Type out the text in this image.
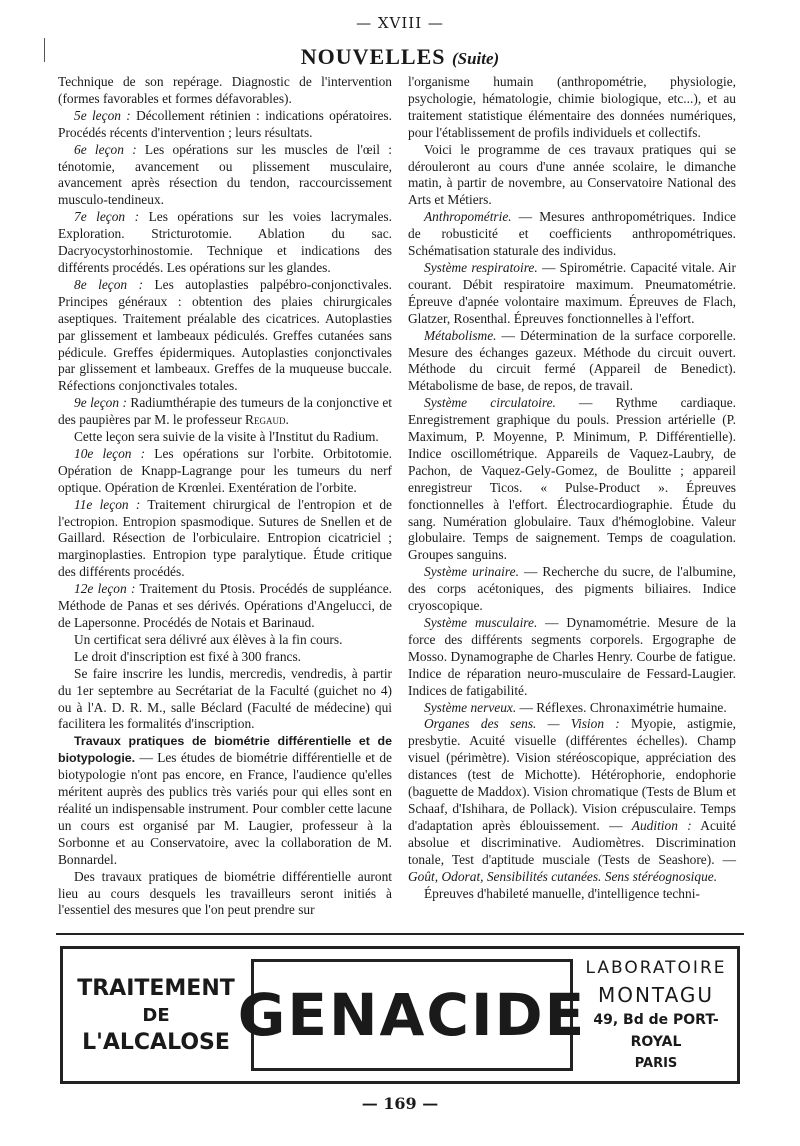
— XVIII —
NOUVELLES (Suite)

Technique de son repérage. Diagnostic de l'intervention (formes favorables et formes défavorables).

5e leçon : Décollement rétinien : indications opératoires. Procédés récents d'intervention ; leurs résultats.

6e leçon : Les opérations sur les muscles de l'œil : ténotomie, avancement ou plissement musculaire, avancement après résection du tendon, raccourcissement musculo-tendineux.

7e leçon : Les opérations sur les voies lacrymales. Exploration. Stricturotomie. Ablation du sac. Dacryocystorhinostomie. Technique et indications des différents procédés. Les opérations sur les glandes.

8e leçon : Les autoplasties palpébro-conjonctivales. Principes généraux : obtention des plaies chirurgicales aseptiques. Traitement préalable des cicatrices. Autoplasties par glissement et lambeaux pédiculés. Greffes cutanées sans pédicule. Greffes épidermiques. Autoplasties conjonctivales par glissement et lambeaux. Greffes de la muqueuse buccale. Réfections conjonctivales totales.

9e leçon : Radiumthérapie des tumeurs de la conjonctive et des paupières par M. le professeur Regaud.

Cette leçon sera suivie de la visite à l'Institut du Radium.

10e leçon : Les opérations sur l'orbite. Orbitotomie. Opération de Knapp-Lagrange pour les tumeurs du nerf optique. Opération de Krœnlei. Exentération de l'orbite.

11e leçon : Traitement chirurgical de l'entropion et de l'ectropion. Entropion spasmodique. Sutures de Snellen et de Gaillard. Résection de l'orbiculaire. Entropion cicatriciel ; marginoplasties. Entropion type paralytique. Étude critique des différents procédés.

12e leçon : Traitement du Ptosis. Procédés de suppléance. Méthode de Panas et ses dérivés. Opérations d'Angelucci, de de Lapersonne. Procédés de Notais et Barinaud.

Un certificat sera délivré aux élèves à la fin cours.

Le droit d'inscription est fixé à 300 francs.

Se faire inscrire les lundis, mercredis, vendredis, à partir du 1er septembre au Secrétariat de la Faculté (guichet no 4) ou à l'A. D. R. M., salle Béclard (Faculté de médecine) qui facilitera les formalités d'inscription.

Travaux pratiques de biométrie différentielle et de biotypologie. — Les études de biométrie différentielle et de biotypologie n'ont pas encore, en France, l'audience qu'elles méritent auprès des publics très variés pour qui elles sont en réalité un indispensable instrument. Pour combler cette lacune un cours est organisé par M. Laugier, professeur à la Sorbonne et au Conservatoire, avec la collaboration de M. Bonnardel.

Des travaux pratiques de biométrie différentielle auront lieu au cours desquels les travailleurs seront initiés à l'essentiel des mesures que l'on peut prendre sur

l'organisme humain (anthropométrie, physiologie, psychologie, hématologie, chimie biologique, etc...), et au traitement statistique élémentaire des données numériques, pour l'établissement de profils individuels et collectifs.

Voici le programme de ces travaux pratiques qui se dérouleront au cours d'une année scolaire, le dimanche matin, à partir de novembre, au Conservatoire National des Arts et Métiers.

Anthropométrie. — Mesures anthropométriques. Indice de robusticité et coefficients anthropométriques. Schématisation staturale des individus.

Système respiratoire. — Spirométrie. Capacité vitale. Air courant. Débit respiratoire maximum. Pneumatométrie. Épreuve d'apnée volontaire maximum. Épreuves de Flach, Glatzer, Rosenthal. Épreuves fonctionnelles à l'effort.

Métabolisme. — Détermination de la surface corporelle. Mesure des échanges gazeux. Méthode du circuit ouvert. Méthode du circuit fermé (Appareil de Benedict). Métabolisme de base, de repos, de travail.

Système circulatoire. — Rythme cardiaque. Enregistrement graphique du pouls. Pression artérielle (P. Maximum, P. Moyenne, P. Minimum, P. Différentielle). Indice oscillométrique. Appareils de Vaquez-Laubry, de Pachon, de Vaquez-Gely-Gomez, de Boulitte ; appareil enregistreur Ticos. « Pulse-Product ». Épreuves fonctionnelles à l'effort. Électrocardiographie. Étude du sang. Numération globulaire. Taux d'hémoglobine. Valeur globulaire. Temps de saignement. Temps de coagulation. Groupes sanguins.

Système urinaire. — Recherche du sucre, de l'albumine, des corps acétoniques, des pigments biliaires. Indice cryoscopique.

Système musculaire. — Dynamométrie. Mesure de la force des différents segments corporels. Ergographe de Mosso. Dynamographe de Charles Henry. Courbe de fatigue. Indice de réparation neuro-musculaire de Fessard-Laugier. Indices de fatigabilité.

Système nerveux. — Réflexes. Chronaximétrie humaine.

Organes des sens. — Vision : Myopie, astigmie, presbytie. Acuité visuelle (différentes échelles). Champ visuel (périmètre). Vision stéréoscopique, appréciation des distances (test de Michotte). Hétérophorie, endophorie (baguette de Maddox). Vision chromatique (Tests de Blum et Schaaf, d'Ishihara, de Pollack). Vision crépusculaire. Temps d'adaptation après éblouissement. — Audition : Acuité absolue et discriminative. Audiomètres. Discrimination tonale, Test d'aptitude musciale (Tests de Seashore). — Goût, Odorat, Sensibilités cutanées. Sens stéréognosique.

Épreuves d'habileté manuelle, d'intelligence techni-

TRAITEMENT
DE
L'ALCALOSE GENACIDE
LABORATOIRE
MONTAGU
49, Bd de PORT-ROYAL
PARIS
— 169 —
